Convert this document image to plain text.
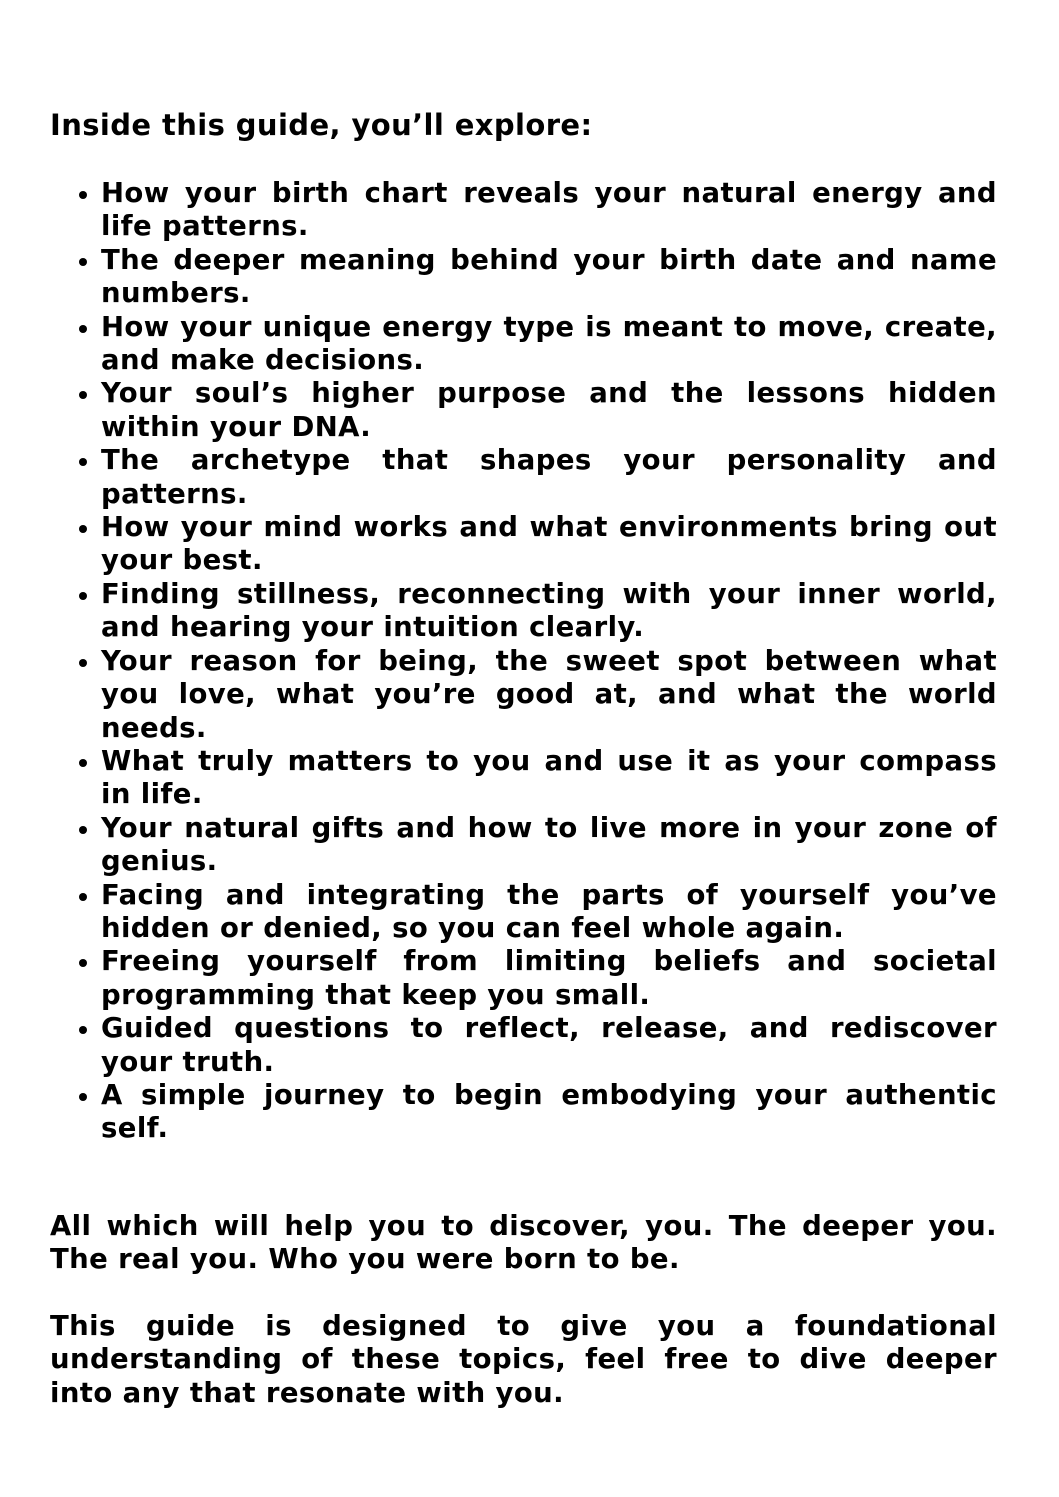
Inside this guide, you’ll explore:
How your birth chart reveals your natural energy and life patterns.
The deeper meaning behind your birth date and name numbers.
How your unique energy type is meant to move, create, and make decisions.
Your soul’s higher purpose and the lessons hidden within your DNA.
The archetype that shapes your personality and patterns.
How your mind works and what environments bring out your best.
Finding stillness, reconnecting with your inner world, and hearing your intuition clearly.
Your reason for being, the sweet spot between what you love, what you’re good at, and what the world needs.
What truly matters to you and use it as your compass in life.
Your natural gifts and how to live more in your zone of genius.
Facing and integrating the parts of yourself you’ve hidden or denied, so you can feel whole again.
Freeing yourself from limiting beliefs and societal programming that keep you small.
Guided questions to reflect, release, and rediscover your truth.
A simple journey to begin embodying your authentic self.

All which will help you to discover, you. The deeper you. The real you. Who you were born to be.

This guide is designed to give you a foundational understanding of these topics, feel free to dive deeper into any that resonate with you.
